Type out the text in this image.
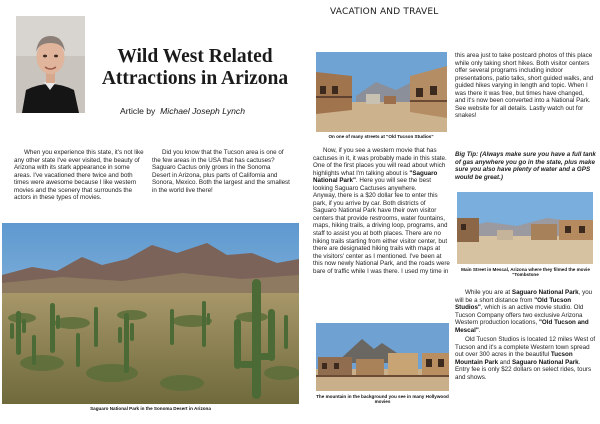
VACATION AND TRAVEL
Wild West Related Attractions in Arizona
Article by Michael Joseph Lynch
When you experience this state, it's not like any other state I've ever visited, the beauty of Arizona with its stark appearance in some areas. I've vacationed there twice and both times were awesome because I like western movies and the scenery that surrounds the actors in these types of movies.
Did you know that the Tucson area is one of the few areas in the USA that has cactuses? Saguaro Cactus only grows in the Sonoma Desert in Arizona, plus parts of California and Sonora, Mexico. Both the largest and the smallest in the world live there!
Saguaro National Park in the Sonoma Desert in Arizona
On one of many streets at "Old Tucson Studios"
Now, if you see a western movie that has cactuses in it, it was probably made in this state. One of the first places you will read about which highlights what I'm talking about is "Saguaro National Park". Here you will see the best looking Saguaro Cactuses anywhere.
Anyway, there is a $20 dollar fee to enter this park, if you arrive by car. Both districts of Saguaro National Park have their own visitor centers that provide restrooms, water fountains, maps, hiking trails, a driving loop, programs, and staff to assist you at both places. There are no hiking trails starting from either visitor center, but there are designated hiking trails with maps at the visitors' center as I mentioned. I've been at this now newly National Park, and the roads were bare of traffic while I was there. I used my time in
The mountain in the background you see in many Hollywood movies
this area just to take postcard photos of this place while only taking short hikes. Both visitor centers offer several programs including indoor presentations, patio talks, short guided walks, and guided hikes varying in length and topic. When I was there it was free, but times have changed, and it's now been converted into a National Park. See website for all details. Lastly watch out for snakes!
Big Tip: (Always make sure you have a full tank of gas anywhere you go in the state, plus make sure you also have plenty of water and a GPS would be great.)
Main Street in Mescal, Arizona where they filmed the movie "Tombstone
While you are at Saguaro National Park, you will be a short distance from "Old Tucson Studios", which is an active movie studio. Old Tucson Company offers two exclusive Arizona Western production locations, "Old Tucson and Mescal".
Old Tucson Studios is located 12 miles West of Tucson and it's a complete Western town spread out over 300 acres in the beautiful Tucson Mountain Park and Saguaro National Park. Entry fee is only $22 dollars on select rides, tours and shows.
